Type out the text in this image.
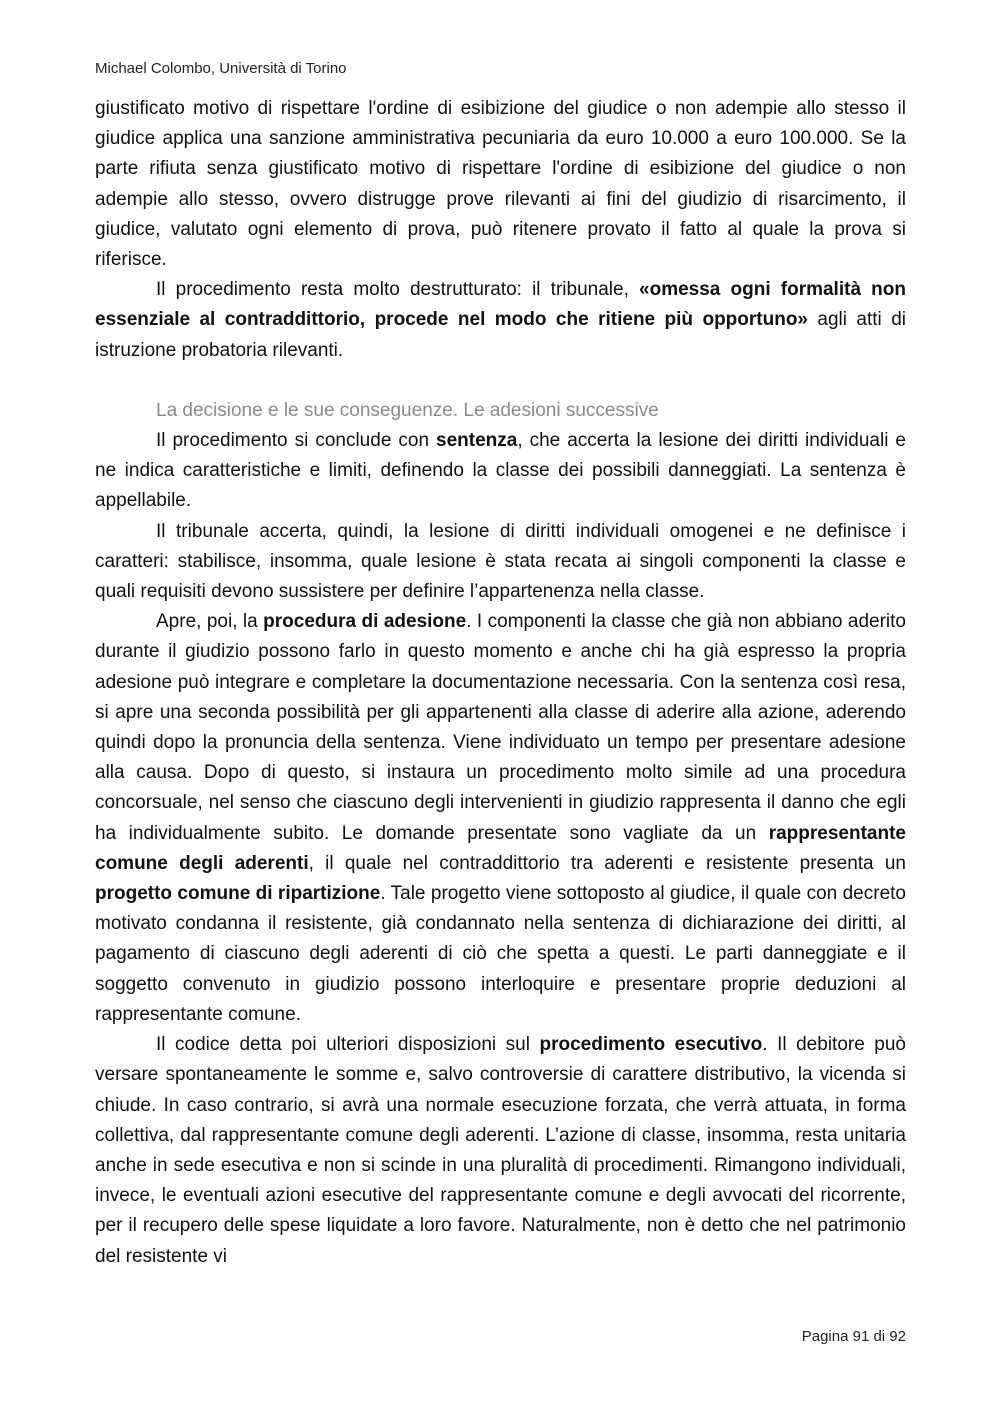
Michael Colombo, Università di Torino

giustificato motivo di rispettare l'ordine di esibizione del giudice o non adempie allo stesso il giudice applica una sanzione amministrativa pecuniaria da euro 10.000 a euro 100.000. Se la parte rifiuta senza giustificato motivo di rispettare l'ordine di esibizione del giudice o non adempie allo stesso, ovvero distrugge prove rilevanti ai fini del giudizio di risarcimento, il giudice, valutato ogni elemento di prova, può ritenere provato il fatto al quale la prova si riferisce.

Il procedimento resta molto destrutturato: il tribunale, «omessa ogni formalità non essenziale al contraddittorio, procede nel modo che ritiene più opportuno» agli atti di istruzione probatoria rilevanti.

La decisione e le sue conseguenze. Le adesioni successive

Il procedimento si conclude con sentenza, che accerta la lesione dei diritti individuali e ne indica caratteristiche e limiti, definendo la classe dei possibili danneggiati. La sentenza è appellabile.

Il tribunale accerta, quindi, la lesione di diritti individuali omogenei e ne definisce i caratteri: stabilisce, insomma, quale lesione è stata recata ai singoli componenti la classe e quali requisiti devono sussistere per definire l’appartenenza nella classe.

Apre, poi, la procedura di adesione. I componenti la classe che già non abbiano aderito durante il giudizio possono farlo in questo momento e anche chi ha già espresso la propria adesione può integrare e completare la documentazione necessaria. Con la sentenza così resa, si apre una seconda possibilità per gli appartenenti alla classe di aderire alla azione, aderendo quindi dopo la pronuncia della sentenza. Viene individuato un tempo per presentare adesione alla causa. Dopo di questo, si instaura un procedimento molto simile ad una procedura concorsuale, nel senso che ciascuno degli intervenienti in giudizio rappresenta il danno che egli ha individualmente subito. Le domande presentate sono vagliate da un rappresentante comune degli aderenti, il quale nel contraddittorio tra aderenti e resistente presenta un progetto comune di ripartizione. Tale progetto viene sottoposto al giudice, il quale con decreto motivato condanna il resistente, già condannato nella sentenza di dichiarazione dei diritti, al pagamento di ciascuno degli aderenti di ciò che spetta a questi. Le parti danneggiate e il soggetto convenuto in giudizio possono interloquire e presentare proprie deduzioni al rappresentante comune.

Il codice detta poi ulteriori disposizioni sul procedimento esecutivo. Il debitore può versare spontaneamente le somme e, salvo controversie di carattere distributivo, la vicenda si chiude. In caso contrario, si avrà una normale esecuzione forzata, che verrà attuata, in forma collettiva, dal rappresentante comune degli aderenti. L’azione di classe, insomma, resta unitaria anche in sede esecutiva e non si scinde in una pluralità di procedimenti. Rimangono individuali, invece, le eventuali azioni esecutive del rappresentante comune e degli avvocati del ricorrente, per il recupero delle spese liquidate a loro favore. Naturalmente, non è detto che nel patrimonio del resistente vi

Pagina 91 di 92
